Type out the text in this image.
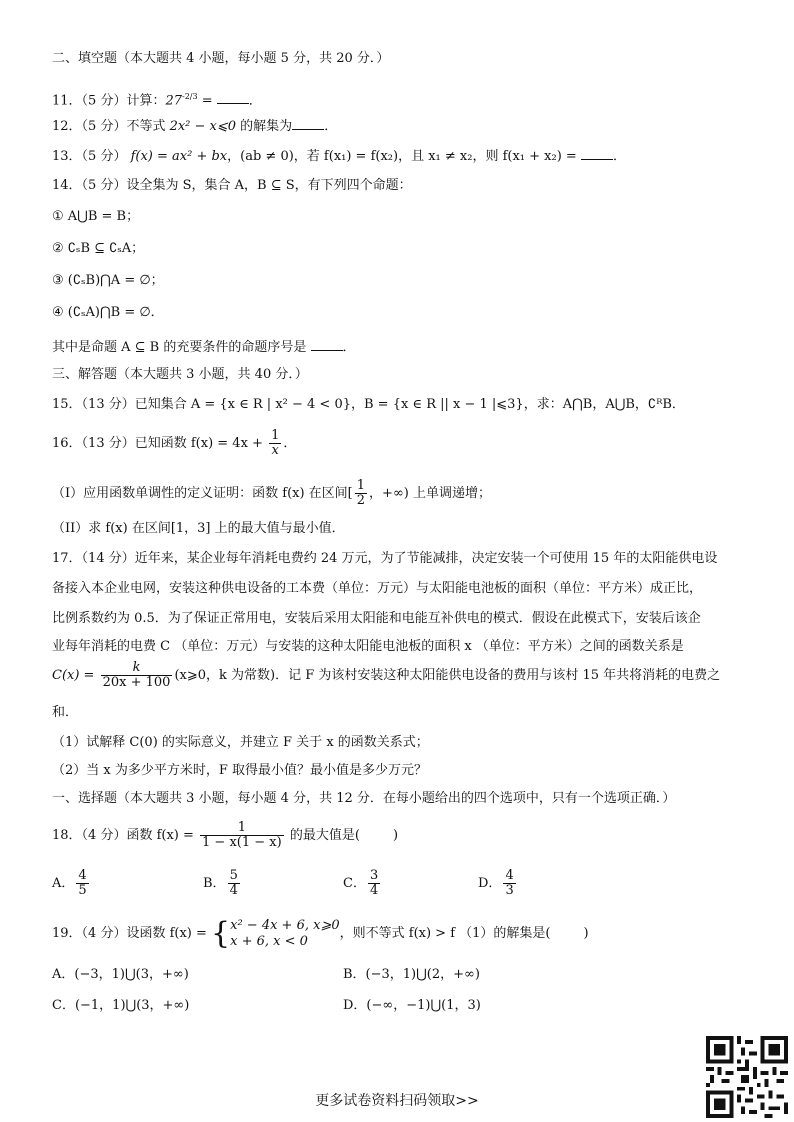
二、填空题（本大题共 4 小题，每小题 5 分，共 20 分．）
11．（5 分）计算：$27^{-2/3}$ = ．
12．（5 分）不等式 2x² − x⩽0 的解集为 ．
13．（5 分） f(x) = ax² + bx，(ab ≠ 0)，若 f(x₁) = f(x₂)，且 x₁ ≠ x₂，则 f(x₁ + x₂) = ．
14．（5 分）设全集为 S，集合 A，B ⊆ S，有下列四个命题：
① A⋃B = B；
② ∁ₛB ⊆ ∁ₛA；
③ (∁ₛB)⋂A = ∅；
④ (∁ₛA)⋂B = ∅．
其中是命题 A ⊆ B 的充要条件的命题序号是 ．
三、解答题（本大题共 3 小题，共 40 分．）
15．（13 分）已知集合 A = {x ∈ R | x² − 4 < 0}，B = {x ∈ R || x − 1 |⩽3}，求：A⋂B，A⋃B，∁ᴿB．
16．（13 分）已知函数 $f(x) = 4x + \frac{1}{x}$ ．
（I）应用函数单调性的定义证明：函数 f(x) 在区间[ $\frac{1}{2}$ ，+∞) 上单调递增；
（II）求 f(x) 在区间[1，3] 上的最大值与最小值．
17．（14 分）近年来，某企业每年消耗电费约 24 万元，为了节能减排，决定安装一个可使用 15 年的太阳能供电设
备接入本企业电网，安装这种供电设备的工本费（单位：万元）与太阳能电池板的面积（单位：平方米）成正比，
比例系数约为 0.5．为了保证正常用电，安装后采用太阳能和电能互补供电的模式．假设在此模式下，安装后该企
业每年消耗的电费 C （单位：万元）与安装的这种太阳能电池板的面积 x （单位：平方米）之间的函数关系是
$C(x) = \frac{k}{20x + 100}$ (x⩾0，k 为常数)．记 F 为该村安装这种太阳能供电设备的费用与该村 15 年共将消耗的电费之
和．
（1）试解释 C(0) 的实际意义，并建立 F 关于 x 的函数关系式；
（2）当 x 为多少平方米时，F 取得最小值？最小值是多少万元？
一、选择题（本大题共 3 小题，每小题 4 分，共 12 分．在每小题给出的四个选项中，只有一个选项正确．）
18．（4 分）函数 $f(x) = \frac{1}{1 - x(1 - x)}$ 的最大值是(        )
A． $\frac{4}{5}$	B． $\frac{5}{4}$	C． $\frac{3}{4}$	D． $\frac{4}{3}$
19．（4 分）设函数 f(x) = { x² − 4x + 6, x⩾0
x + 6, x < 0	，则不等式 f(x) > f （1）的解集是(        )
A．(−3，1)⋃(3，+∞)	B．(−3，1)⋃(2，+∞)
C．(−1，1)⋃(3，+∞)	D．(−∞，−1)⋃(1，3)
更多试卷资料扫码领取>>
